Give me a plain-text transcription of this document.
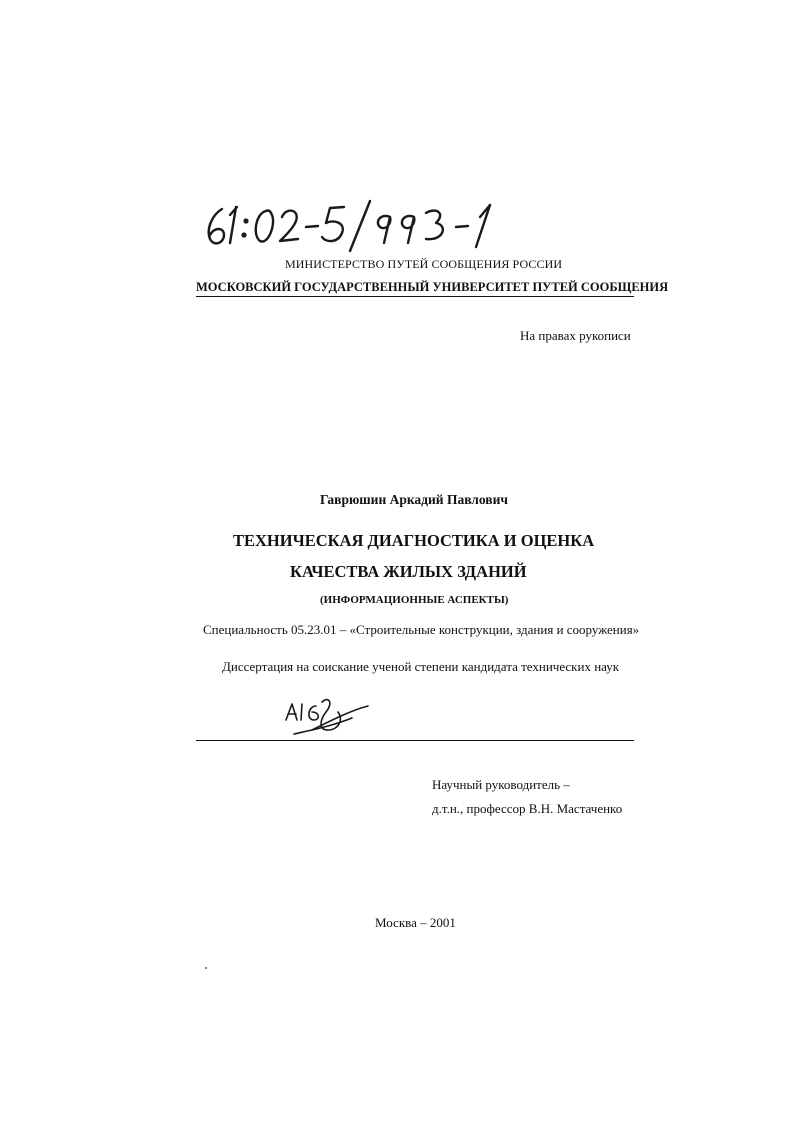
МИНИСТЕРСТВО ПУТЕЙ СООБЩЕНИЯ РОССИИ
МОСКОВСКИЙ ГОСУДАРСТВЕННЫЙ УНИВЕРСИТЕТ ПУТЕЙ СООБЩЕНИЯ
На правах рукописи
Гаврюшин Аркадий Павлович
ТЕХНИЧЕСКАЯ ДИАГНОСТИКА И ОЦЕНКА
КАЧЕСТВА ЖИЛЫХ ЗДАНИЙ
(ИНФОРМАЦИОННЫЕ АСПЕКТЫ)
Специальность 05.23.01 – «Строительные конструкции, здания и сооружения»
Диссертация на соискание ученой степени кандидата технических наук
Научный руководитель –
д.т.н., профессор В.Н. Мастаченко
Москва – 2001
